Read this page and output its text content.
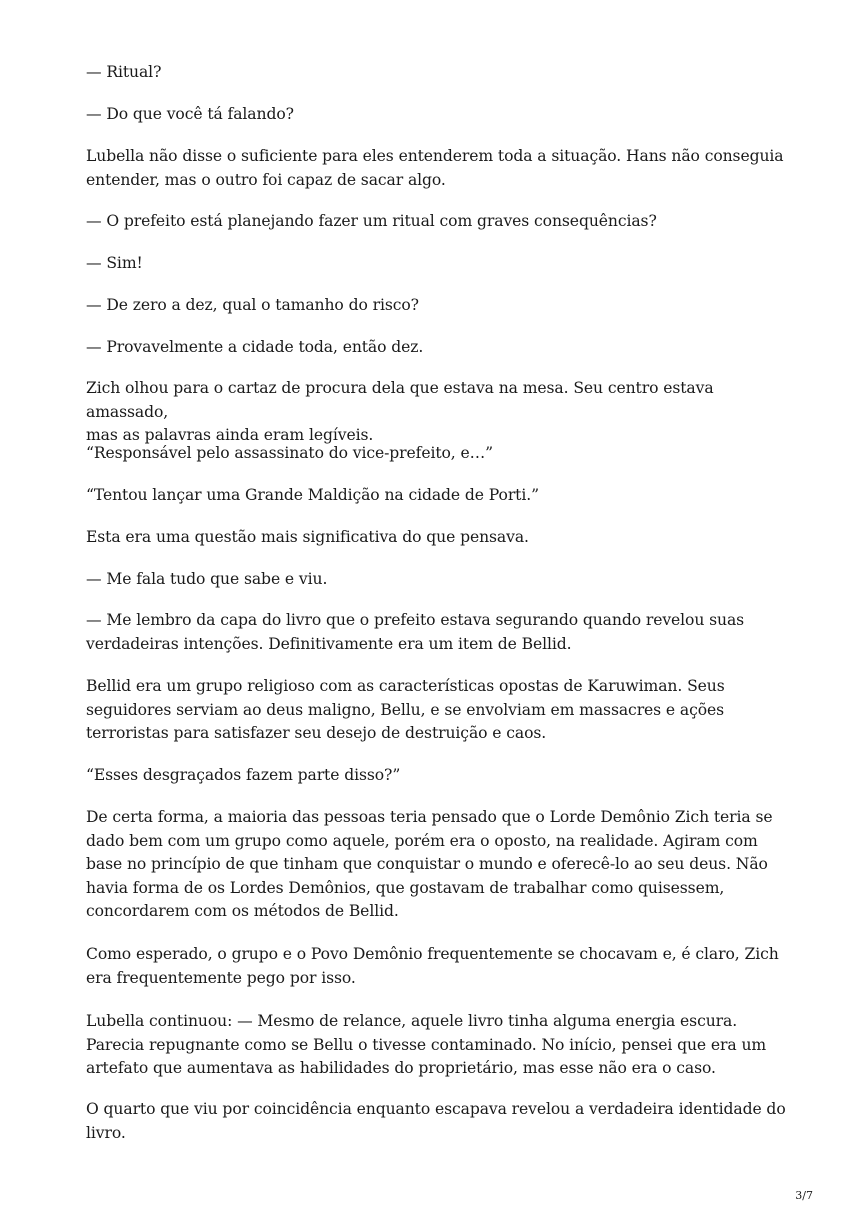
— Ritual?

— Do que você tá falando?

Lubella não disse o suficiente para eles entenderem toda a situação. Hans não conseguia
entender, mas o outro foi capaz de sacar algo.

— O prefeito está planejando fazer um ritual com graves consequências?

— Sim!

— De zero a dez, qual o tamanho do risco?

— Provavelmente a cidade toda, então dez.

Zich olhou para o cartaz de procura dela que estava na mesa. Seu centro estava amassado,
mas as palavras ainda eram legíveis.

“Responsável pelo assassinato do vice-prefeito, e…”

“Tentou lançar uma Grande Maldição na cidade de Porti.”

Esta era uma questão mais significativa do que pensava.

— Me fala tudo que sabe e viu.

— Me lembro da capa do livro que o prefeito estava segurando quando revelou suas
verdadeiras intenções. Definitivamente era um item de Bellid.

Bellid era um grupo religioso com as características opostas de Karuwiman. Seus
seguidores serviam ao deus maligno, Bellu, e se envolviam em massacres e ações
terroristas para satisfazer seu desejo de destruição e caos.

“Esses desgraçados fazem parte disso?”

De certa forma, a maioria das pessoas teria pensado que o Lorde Demônio Zich teria se
dado bem com um grupo como aquele, porém era o oposto, na realidade. Agiram com
base no princípio de que tinham que conquistar o mundo e oferecê-lo ao seu deus. Não
havia forma de os Lordes Demônios, que gostavam de trabalhar como quisessem,
concordarem com os métodos de Bellid.

Como esperado, o grupo e o Povo Demônio frequentemente se chocavam e, é claro, Zich
era frequentemente pego por isso.

Lubella continuou: — Mesmo de relance, aquele livro tinha alguma energia escura.
Parecia repugnante como se Bellu o tivesse contaminado. No início, pensei que era um
artefato que aumentava as habilidades do proprietário, mas esse não era o caso.

O quarto que viu por coincidência enquanto escapava revelou a verdadeira identidade do
livro.

3/7
